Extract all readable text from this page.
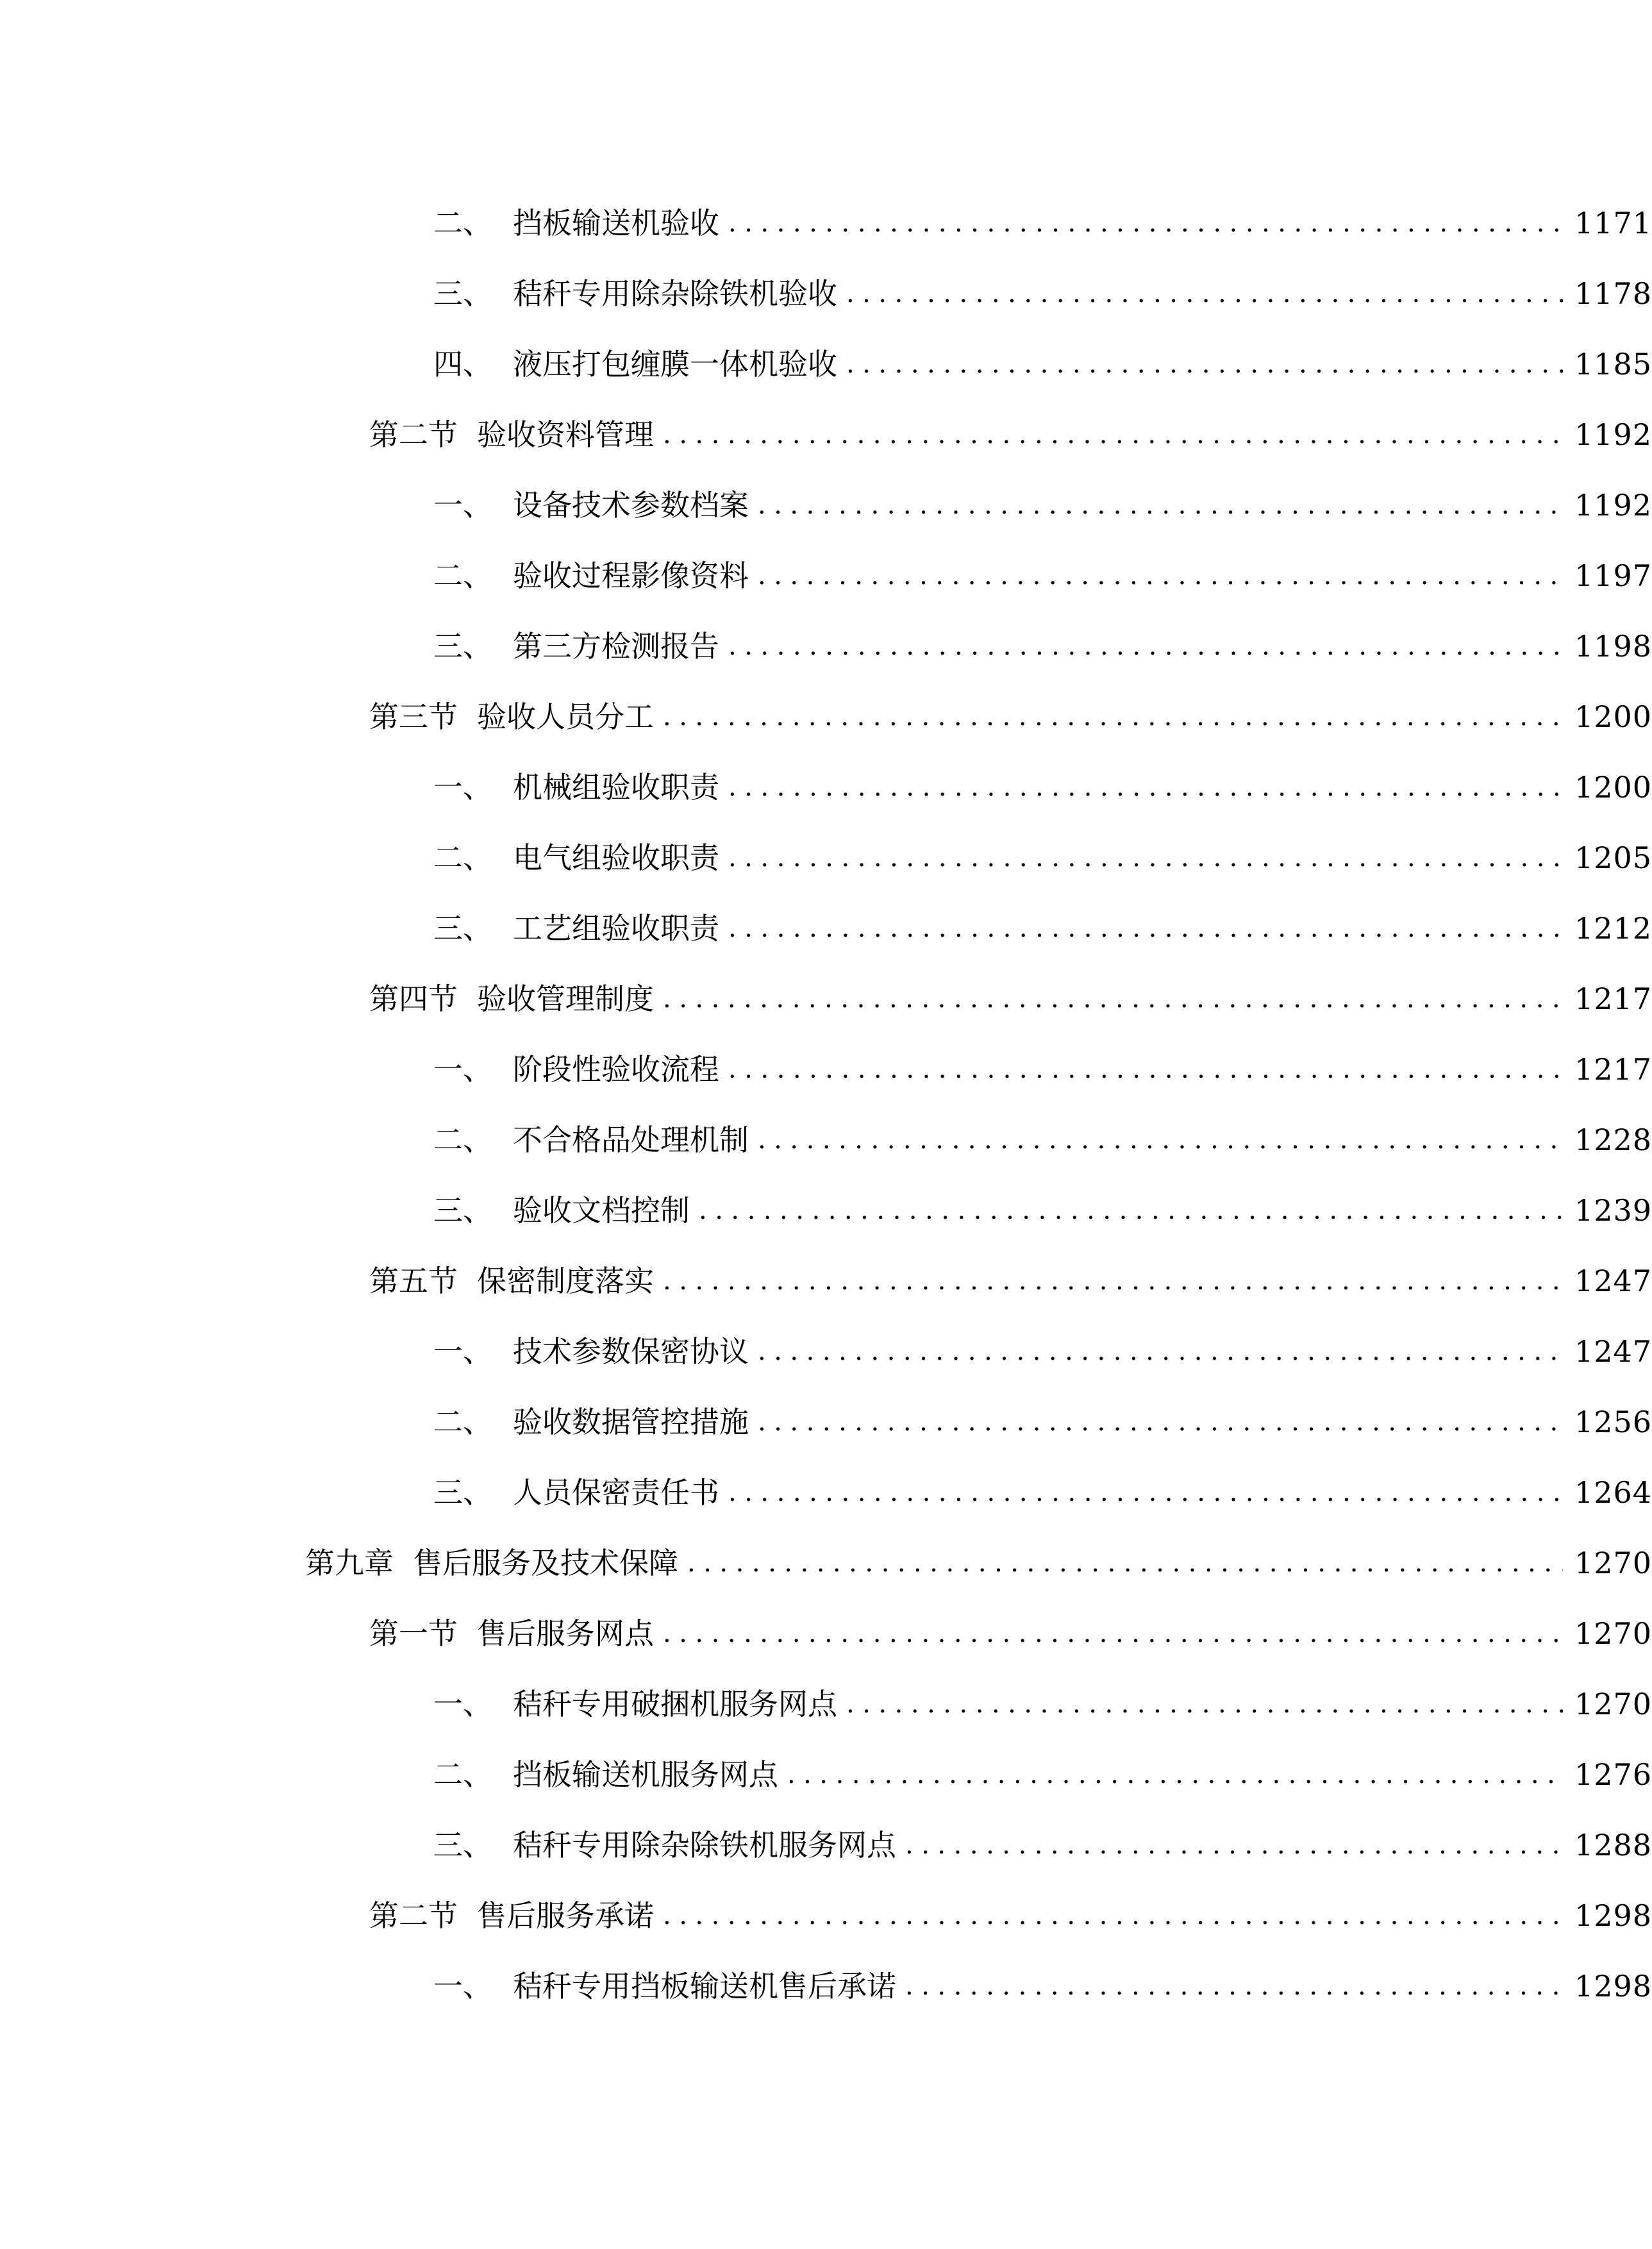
二、 挡板输送机验收 .....	1171
三、 秸秆专用除杂除铁机验收 .....	1178
四、 液压打包缠膜一体机验收 .....	1185
第二节 验收资料管理 .....	1192
一、 设备技术参数档案 .....	1192
二、 验收过程影像资料 .....	1197
三、 第三方检测报告 .....	1198
第三节 验收人员分工 .....	1200
一、 机械组验收职责 .....	1200
二、 电气组验收职责 .....	1205
三、 工艺组验收职责 .....	1212
第四节 验收管理制度 .....	1217
一、 阶段性验收流程 .....	1217
二、 不合格品处理机制 .....	1228
三、 验收文档控制 .....	1239
第五节 保密制度落实 .....	1247
一、 技术参数保密协议 .....	1247
二、 验收数据管控措施 .....	1256
三、 人员保密责任书 .....	1264
第九章 售后服务及技术保障 .....	1270
第一节 售后服务网点 .....	1270
一、 秸秆专用破捆机服务网点 .....	1270
二、 挡板输送机服务网点 .....	1276
三、 秸秆专用除杂除铁机服务网点 .....	1288
第二节 售后服务承诺 .....	1298
一、 秸秆专用挡板输送机售后承诺 .....	1298
